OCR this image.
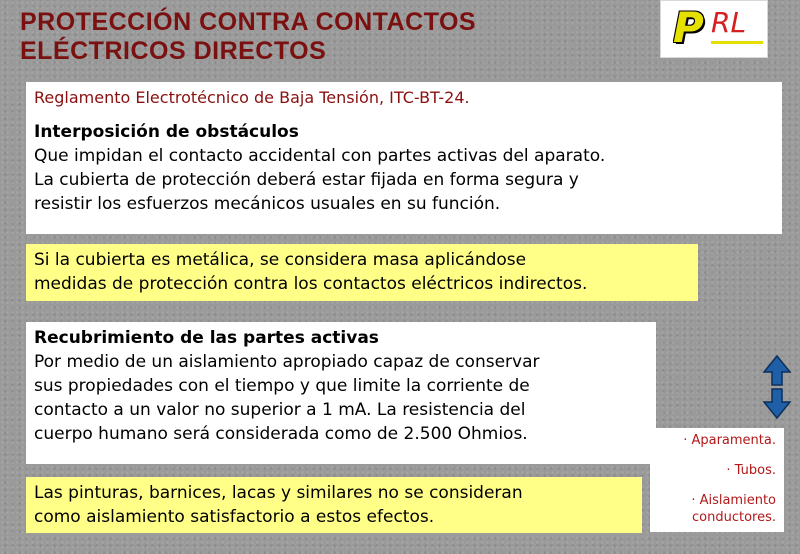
PROTECCIÓN CONTRA CONTACTOS
ELÉCTRICOS DIRECTOS	P RL
Reglamento Electrotécnico de Baja Tensión, ITC-BT-24.
Interposición de obstáculos
Que impidan el contacto accidental con partes activas del aparato.
La cubierta de protección deberá estar fijada en forma segura y
resistir los esfuerzos mecánicos usuales en su función.
Si la cubierta es metálica, se considera masa aplicándose
medidas de protección contra los contactos eléctricos indirectos.
Recubrimiento de las partes activas
Por medio de un aislamiento apropiado capaz de conservar
sus propiedades con el tiempo y que limite la corriente de
contacto a un valor no superior a 1 mA. La resistencia del
cuerpo humano será considerada como de 2.500 Ohmios.
Las pinturas, barnices, lacas y similares no se consideran
como aislamiento satisfactorio a estos efectos.
· Aparamenta.
· Tubos.
· Aislamiento
conductores.
